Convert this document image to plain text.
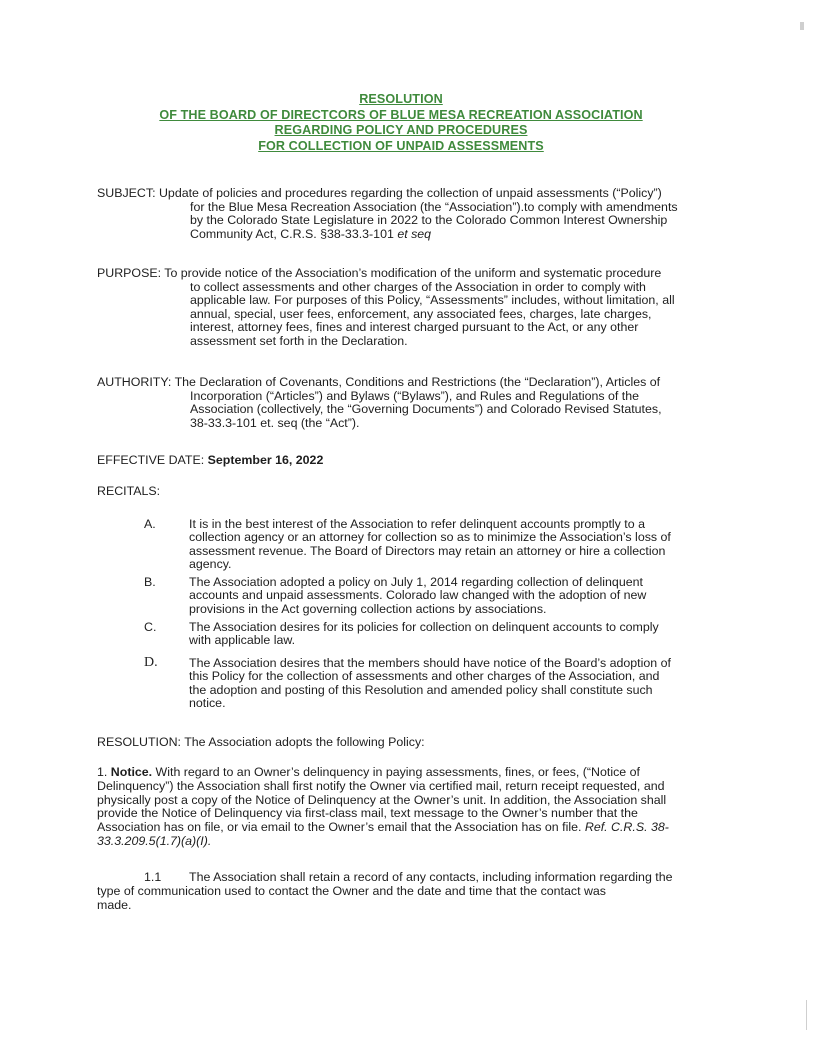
RESOLUTION
OF THE BOARD OF DIRECTCORS OF BLUE MESA RECREATION ASSOCIATION
REGARDING POLICY AND PROCEDURES
FOR COLLECTION OF UNPAID ASSESSMENTS
SUBJECT: Update of policies and procedures regarding the collection of unpaid assessments (“Policy”)
for the Blue Mesa Recreation Association (the “Association”).to comply with amendments
by the Colorado State Legislature in 2022 to the Colorado Common Interest Ownership
Community Act, C.R.S. §38-33.3-101 et seq
PURPOSE: To provide notice of the Association’s modification of the uniform and systematic procedure
to collect assessments and other charges of the Association in order to comply with
applicable law. For purposes of this Policy, “Assessments” includes, without limitation, all
annual, special, user fees, enforcement, any associated fees, charges, late charges,
interest, attorney fees, fines and interest charged pursuant to the Act, or any other
assessment set forth in the Declaration.
AUTHORITY: The Declaration of Covenants, Conditions and Restrictions (the “Declaration”), Articles of
Incorporation (“Articles”) and Bylaws (“Bylaws”), and Rules and Regulations of the
Association (collectively, the “Governing Documents”) and Colorado Revised Statutes,
38-33.3-101 et. seq (the “Act”).
EFFECTIVE DATE: September 16, 2022
RECITALS:
A.	It is in the best interest of the Association to refer delinquent accounts promptly to a
collection agency or an attorney for collection so as to minimize the Association’s loss of
assessment revenue. The Board of Directors may retain an attorney or hire a collection
agency.
B.	The Association adopted a policy on July 1, 2014 regarding collection of delinquent
accounts and unpaid assessments. Colorado law changed with the adoption of new
provisions in the Act governing collection actions by associations.
C.	The Association desires for its policies for collection on delinquent accounts to comply
with applicable law.
D.	The Association desires that the members should have notice of the Board’s adoption of
this Policy for the collection of assessments and other charges of the Association, and
the adoption and posting of this Resolution and amended policy shall constitute such
notice.
RESOLUTION: The Association adopts the following Policy:
1. Notice. With regard to an Owner’s delinquency in paying assessments, fines, or fees, (“Notice of
Delinquency”) the Association shall first notify the Owner via certified mail, return receipt requested, and
physically post a copy of the Notice of Delinquency at the Owner’s unit. In addition, the Association shall
provide the Notice of Delinquency via first-class mail, text message to the Owner’s number that the
Association has on file, or via email to the Owner’s email that the Association has on file. Ref. C.R.S. 38-
33.3.209.5(1.7)(a)(I).
1.1 The Association shall retain a record of any contacts, including information regarding the
type of communication used to contact the Owner and the date and time that the contact was
made.
